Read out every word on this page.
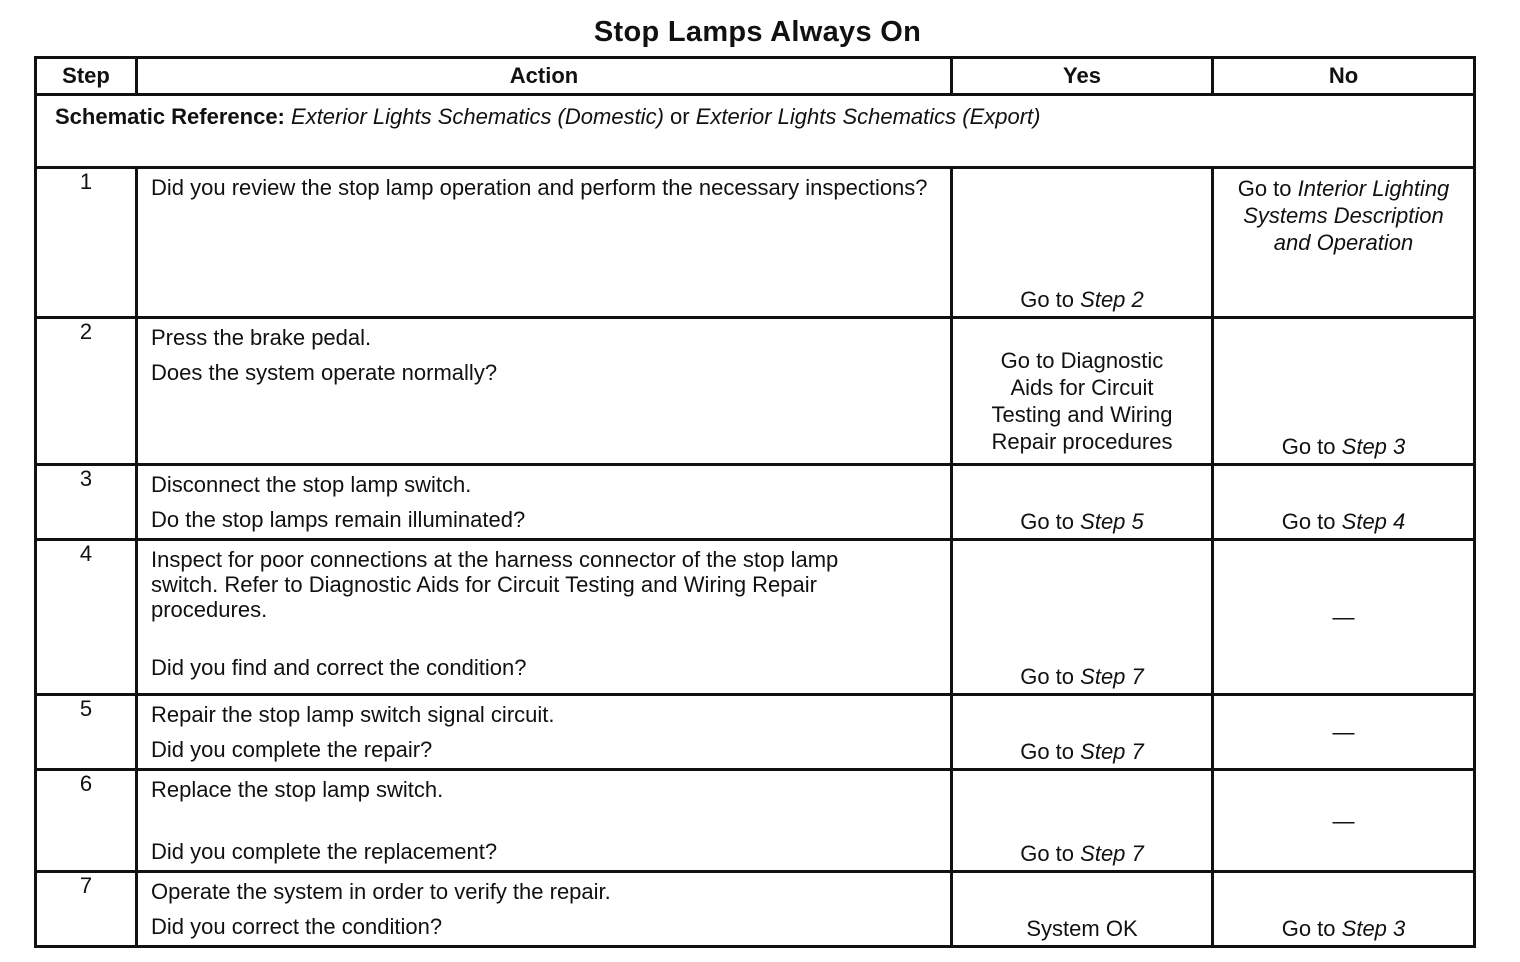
Stop Lamps Always On
Step	Action	Yes	No
Schematic Reference: Exterior Lights Schematics (Domestic) or Exterior Lights Schematics (Export)			
1	Did you review the stop lamp operation and perform the necessary inspections?	Go to Step 2	Go to Interior Lighting Systems Description and Operation

2	Press the brake pedal.

Does the system operate normally?	Go to Diagnostic Aids for Circuit Testing and Wiring Repair procedures	Go to Step 3

3	Disconnect the stop lamp switch.

Do the stop lamps remain illuminated?	Go to Step 5	Go to Step 4

4	Inspect for poor connections at the harness connector of the stop lamp switch. Refer to Diagnostic Aids for Circuit Testing and Wiring Repair procedures.

Did you find and correct the condition?	Go to Step 7	—

5	Repair the stop lamp switch signal circuit.

Did you complete the repair?	Go to Step 7	—

6	Replace the stop lamp switch.

Did you complete the replacement?	Go to Step 7	—

7	Operate the system in order to verify the repair.

Did you correct the condition?	System OK	Go to Step 3
